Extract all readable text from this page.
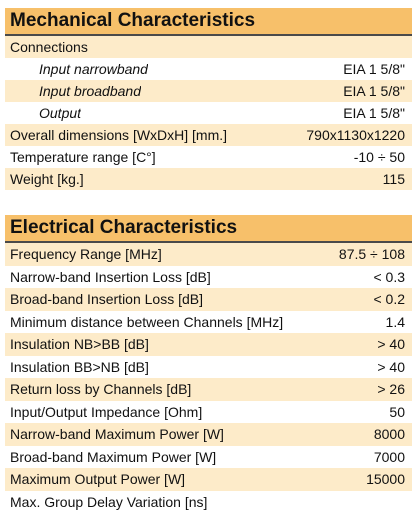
Mechanical Characteristics
Connections
Input narrowband	EIA 1 5/8"
Input broadband	EIA 1 5/8"
Output	EIA 1 5/8"
Overall dimensions [WxDxH] [mm.]	790x1130x1220
Temperature range [C°]	-10 ÷ 50
Weight [kg.]	115
Electrical Characteristics
Frequency Range [MHz]	87.5 ÷ 108
Narrow-band Insertion Loss [dB]	< 0.3
Broad-band Insertion Loss [dB]	< 0.2
Minimum distance between Channels [MHz]	1.4
Insulation NB>BB [dB]	> 40
Insulation BB>NB [dB]	> 40
Return loss by Channels [dB]	> 26
Input/Output Impedance [Ohm]	50
Narrow-band Maximum Power [W]	8000
Broad-band Maximum Power [W]	7000
Maximum Output Power [W]	15000
Max. Group Delay Variation [ns]
